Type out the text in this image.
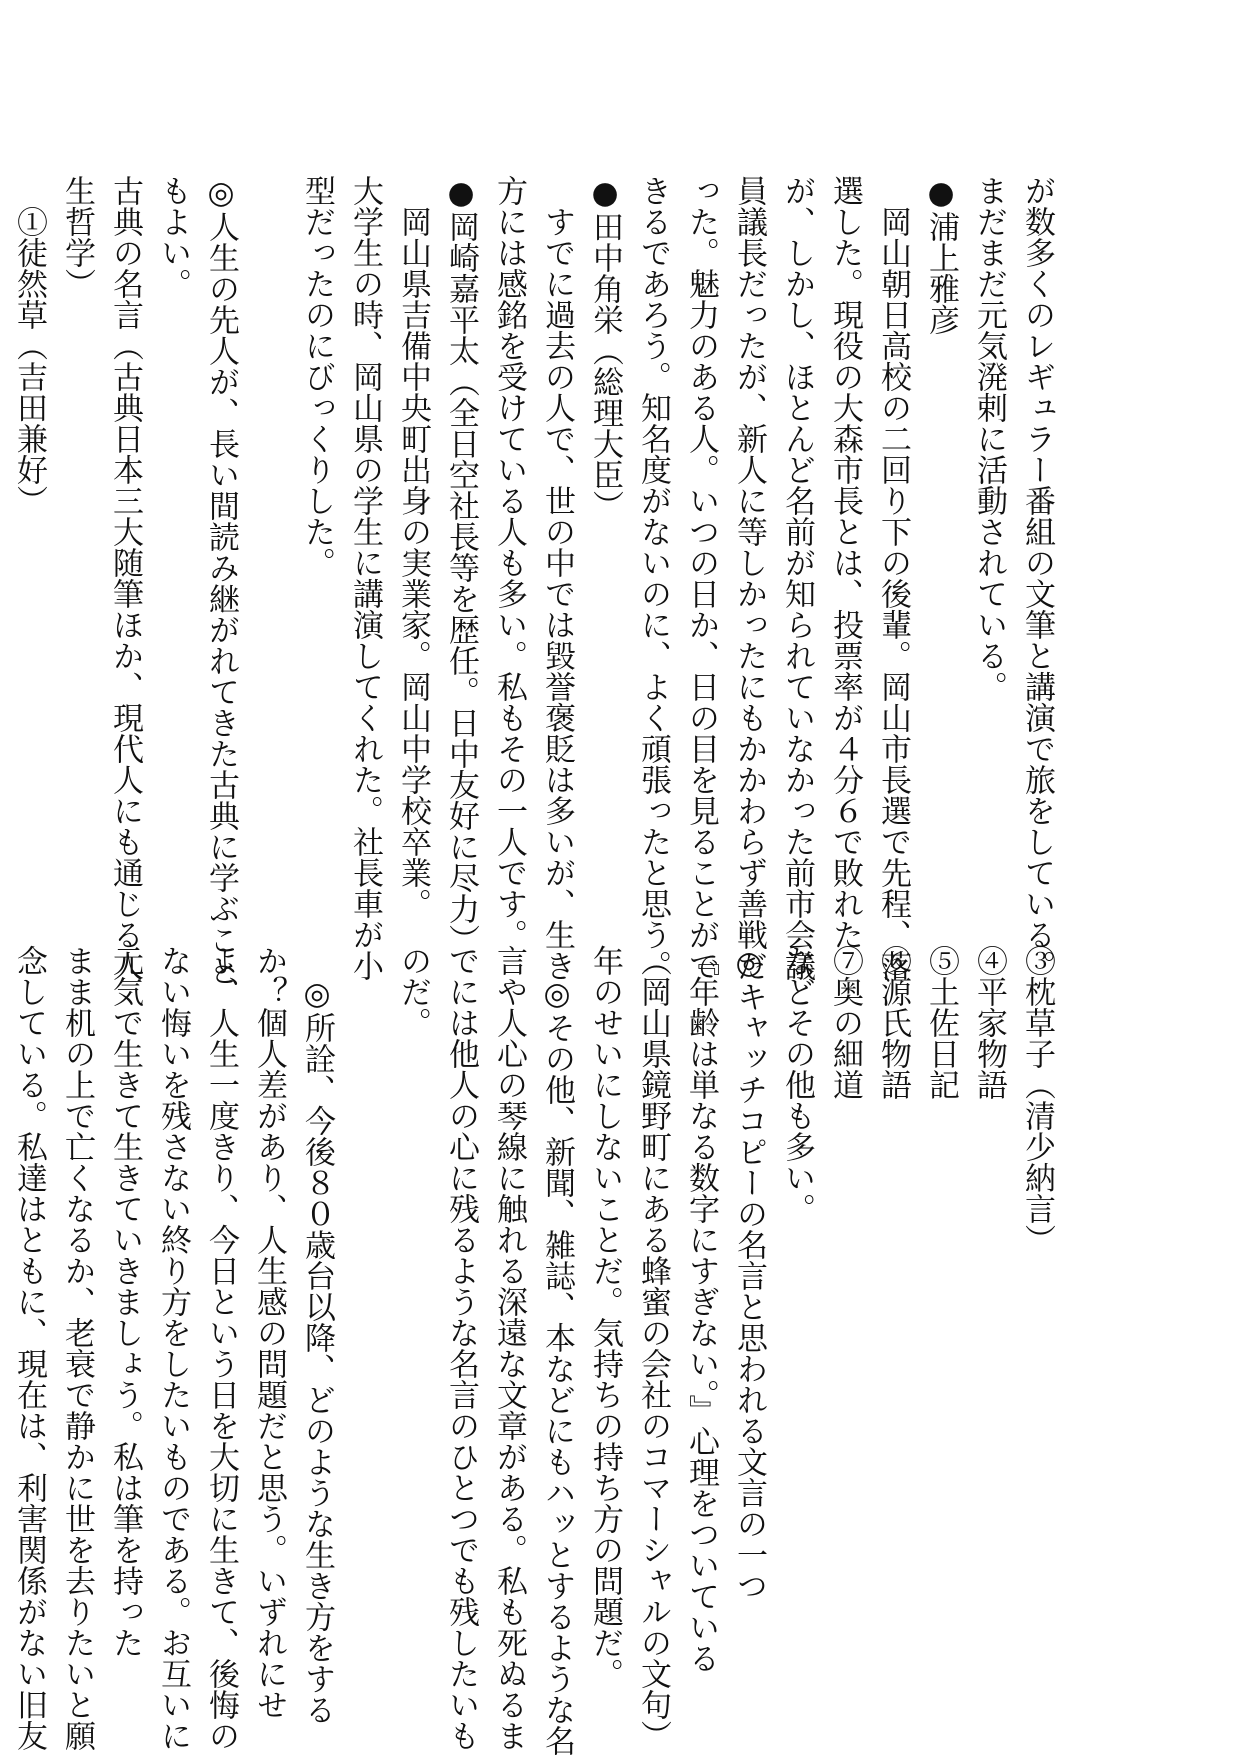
が数多くのレギュラー番組の文筆と講演で旅をしている。
まだまだ元気溌剌に活動されている。
●浦上雅彦
　岡山朝日高校の二回り下の後輩。岡山市長選で先程、落
選した。現役の大森市長とは、投票率が４分６で敗れた
が、しかし、ほとんど名前が知られていなかった前市会議
員議長だったが、新人に等しかったにもかかわらず善戦だ
った。魅力のある人。いつの日か、日の目を見ることがで
きるであろう。知名度がないのに、よく頑張ったと思う。
●田中角栄（総理大臣）
　すでに過去の人で、世の中では毀誉褒貶は多いが、生き
方には感銘を受けている人も多い。私もその一人です。
●岡崎嘉平太（全日空社長等を歴任。日中友好に尽力）
　岡山県吉備中央町出身の実業家。岡山中学校卒業。
大学生の時、岡山県の学生に講演してくれた。社長車が小
型だったのにびっくりした。

◎人生の先人が、長い間読み継がれてきた古典に学ぶこと
もよい。
古典の名言（古典日本三大随筆ほか、現代人にも通じる人
生哲学）
　①徒然草（吉田兼好）
③枕草子（清少納言）
④平家物語
⑤土佐日記
⑥源氏物語
⑦奥の細道
などその他も多い。
◎キャッチコピーの名言と思われる文言の一つ
『年齢は単なる数字にすぎない。』心理をついている
（岡山県鏡野町にある蜂蜜の会社のコマーシャルの文句）
年のせいにしないことだ。気持ちの持ち方の問題だ。
　◎その他、新聞、雑誌、本などにもハッとするような名
言や人心の琴線に触れる深遠な文章がある。私も死ぬるま
でには他人の心に残るような名言のひとつでも残したいも
のだ。

　◎所詮、今後８０歳台以降、どのような生き方をする
か？個人差があり、人生感の問題だと思う。いずれにせ
よ、人生一度きり、今日という日を大切に生きて、後悔の
ない悔いを残さない終り方をしたいものである。お互いに
元気で生きて生きていきましょう。私は筆を持った
まま机の上で亡くなるか、老衰で静かに世を去りたいと願
念している。私達はともに、現在は、利害関係がない旧友
